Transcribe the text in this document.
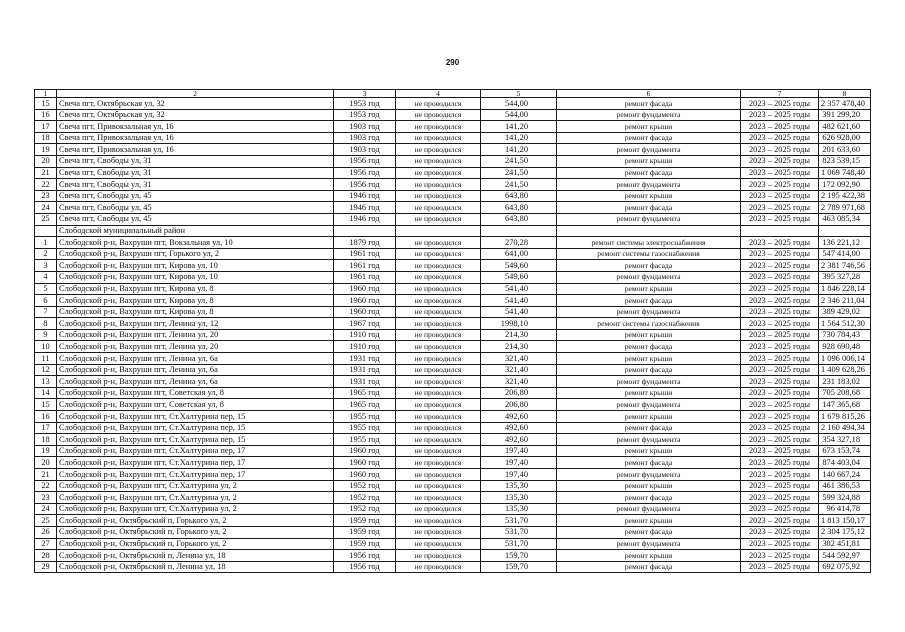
290
1	2	3	4	5	6	7	8
15	Свеча пгт, Октябрьская ул, 32	1953 год	не проводился	544,00	ремонт фасада	2023 – 2025 годы	2 357 478,40
16	Свеча пгт, Октябрьская ул, 32	1953 год	не проводился	544,00	ремонт фундамента	2023 – 2025 годы	391 299,20
17	Свеча пгт, Привокзальная ул, 16	1903 год	не проводился	141,20	ремонт крыши	2023 – 2025 годы	482 621,60
18	Свеча пгт, Привокзальная ул, 16	1903 год	не проводился	141,20	ремонт фасада	2023 – 2025 годы	626 928,00
19	Свеча пгт, Привокзальная ул, 16	1903 год	не проводился	141,20	ремонт фундамента	2023 – 2025 годы	201 633,60
20	Свеча пгт, Свободы ул, 31	1956 год	не проводился	241,50	ремонт крыши	2023 – 2025 годы	823 539,15
21	Свеча пгт, Свободы ул, 31	1956 год	не проводился	241,50	ремонт фасада	2023 – 2025 годы	1 069 748,40
22	Свеча пгт, Свободы ул, 31	1956 год	не проводился	241,50	ремонт фундамента	2023 – 2025 годы	172 092,90
23	Свеча пгт, Свободы ул, 45	1946 год	не проводился	643,80	ремонт крыши	2023 – 2025 годы	2 195 422,38
24	Свеча пгт, Свободы ул, 45	1946 год	не проводился	643,80	ремонт фасада	2023 – 2025 годы	2 789 971,68
25	Свеча пгт, Свободы ул, 45	1946 год	не проводился	643,80	ремонт фундамента	2023 – 2025 годы	463 085,34
	Слободской муниципальный район						
1	Слободской р-н, Вахруши пгт, Вокзальная ул, 10	1879 год	не проводился	270,28	ремонт системы электроснабжения	2023 – 2025 годы	136 221,12
2	Слободской р-н, Вахруши пгт, Горького ул, 2	1961 год	не проводился	641,00	ремонт системы газоснабжения	2023 – 2025 годы	547 414,00
3	Слободской р-н, Вахруши пгт, Кирова ул, 10	1961 год	не проводился	549,60	ремонт фасада	2023 – 2025 годы	2 381 746,56
4	Слободской р-н, Вахруши пгт, Кирова ул, 10	1961 год	не проводился	549,60	ремонт фундамента	2023 – 2025 годы	395 327,28
5	Слободской р-н, Вахруши пгт, Кирова ул, 8	1960 год	не проводился	541,40	ремонт крыши	2023 – 2025 годы	1 846 228,14
6	Слободской р-н, Вахруши пгт, Кирова ул, 8	1960 год	не проводился	541,40	ремонт фасада	2023 – 2025 годы	2 346 211,04
7	Слободской р-н, Вахруши пгт, Кирова ул, 8	1960 год	не проводился	541,40	ремонт фундамента	2023 – 2025 годы	389 429,02
8	Слободской р-н, Вахруши пгт, Ленина ул, 12	1967 год	не проводился	1998,10	ремонт системы газоснабжения	2023 – 2025 годы	1 564 512,30
9	Слободской р-н, Вахруши пгт, Ленина ул, 20	1910 год	не проводился	214,30	ремонт крыши	2023 – 2025 годы	730 784,43
10	Слободской р-н, Вахруши пгт, Ленина ул, 20	1910 год	не проводился	214,30	ремонт фасада	2023 – 2025 годы	928 690,48
11	Слободской р-н, Вахруши пгт, Ленина ул, 6а	1931 год	не проводился	321,40	ремонт крыши	2023 – 2025 годы	1 096 006,14
12	Слободской р-н, Вахруши пгт, Ленина ул, 6а	1931 год	не проводился	321,40	ремонт фасада	2023 – 2025 годы	1 409 628,26
13	Слободской р-н, Вахруши пгт, Ленина ул, 6а	1931 год	не проводился	321,40	ремонт фундамента	2023 – 2025 годы	231 183,02
14	Слободской р-н, Вахруши пгт, Советская ул, 8	1965 год	не проводился	206,80	ремонт крыши	2023 – 2025 годы	705 208,68
15	Слободской р-н, Вахруши пгт, Советская ул, 8	1965 год	не проводился	206,80	ремонт фундамента	2023 – 2025 годы	147 365,68
16	Слободской р-н, Вахруши пгт, Ст.Халтурина пер, 15	1955 год	не проводился	492,60	ремонт крыши	2023 – 2025 годы	1 679 815,26
17	Слободской р-н, Вахруши пгт, Ст.Халтурина пер, 15	1955 год	не проводился	492,60	ремонт фасада	2023 – 2025 годы	2 160 494,34
18	Слободской р-н, Вахруши пгт, Ст.Халтурина пер, 15	1955 год	не проводился	492,60	ремонт фундамента	2023 – 2025 годы	354 327,18
19	Слободской р-н, Вахруши пгт, Ст.Халтурина пер, 17	1960 год	не проводился	197,40	ремонт крыши	2023 – 2025 годы	673 153,74
20	Слободской р-н, Вахруши пгт, Ст.Халтурина пер, 17	1960 год	не проводился	197,40	ремонт фасада	2023 – 2025 годы	874 403,04
21	Слободской р-н, Вахруши пгт, Ст.Халтурина пер, 17	1960 год	не проводился	197,40	ремонт фундамента	2023 – 2025 годы	140 667,24
22	Слободской р-н, Вахруши пгт, Ст.Халтурина ул, 2	1952 год	не проводился	135,30	ремонт крыши	2023 – 2025 годы	461 386,53
23	Слободской р-н, Вахруши пгт, Ст.Халтурина ул, 2	1952 год	не проводился	135,30	ремонт фасада	2023 – 2025 годы	599 324,88
24	Слободской р-н, Вахруши пгт, Ст.Халтурина ул, 2	1952 год	не проводился	135,30	ремонт фундамента	2023 – 2025 годы	96 414,78
25	Слободской р-н, Октябрьский п, Горького ул, 2	1959 год	не проводился	531,70	ремонт крыши	2023 – 2025 годы	1 813 150,17
26	Слободской р-н, Октябрьский п, Горького ул, 2	1959 год	не проводился	531,70	ремонт фасада	2023 – 2025 годы	2 304 175,12
27	Слободской р-н, Октябрьский п, Горького ул, 2	1959 год	не проводился	531,70	ремонт фундамента	2023 – 2025 годы	382 451,81
28	Слободской р-н, Октябрьский п, Ленина ул, 18	1956 год	не проводился	159,70	ремонт крыши	2023 – 2025 годы	544 592,97
29	Слободской р-н, Октябрьский п, Ленина ул, 18	1956 год	не проводился	159,70	ремонт фасада	2023 – 2025 годы	692 075,92
